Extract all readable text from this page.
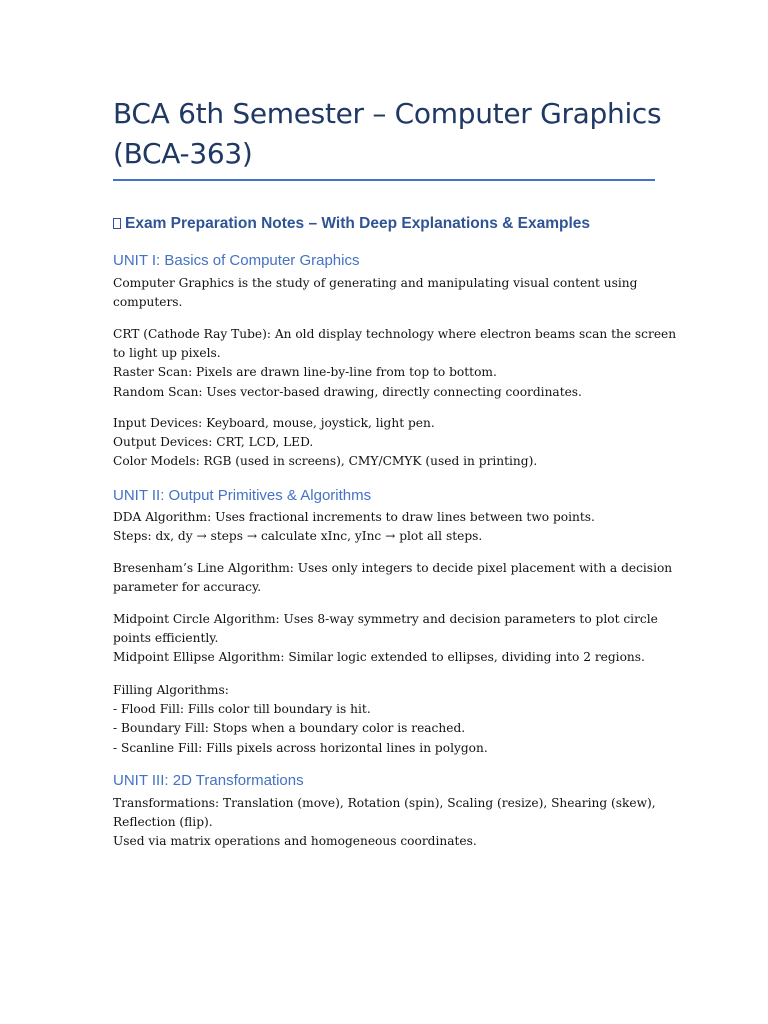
BCA 6th Semester – Computer Graphics
(BCA-363)
Exam Preparation Notes – With Deep Explanations & Examples
UNIT I: Basics of Computer Graphics
Computer Graphics is the study of generating and manipulating visual content using
computers.
CRT (Cathode Ray Tube): An old display technology where electron beams scan the screen
to light up pixels.
Raster Scan: Pixels are drawn line-by-line from top to bottom.
Random Scan: Uses vector-based drawing, directly connecting coordinates.
Input Devices: Keyboard, mouse, joystick, light pen.
Output Devices: CRT, LCD, LED.
Color Models: RGB (used in screens), CMY/CMYK (used in printing).
UNIT II: Output Primitives & Algorithms
DDA Algorithm: Uses fractional increments to draw lines between two points.
Steps: dx, dy → steps → calculate xInc, yInc → plot all steps.
Bresenham’s Line Algorithm: Uses only integers to decide pixel placement with a decision
parameter for accuracy.
Midpoint Circle Algorithm: Uses 8-way symmetry and decision parameters to plot circle
points efficiently.
Midpoint Ellipse Algorithm: Similar logic extended to ellipses, dividing into 2 regions.
Filling Algorithms:
- Flood Fill: Fills color till boundary is hit.
- Boundary Fill: Stops when a boundary color is reached.
- Scanline Fill: Fills pixels across horizontal lines in polygon.
UNIT III: 2D Transformations
Transformations: Translation (move), Rotation (spin), Scaling (resize), Shearing (skew),
Reflection (flip).
Used via matrix operations and homogeneous coordinates.
